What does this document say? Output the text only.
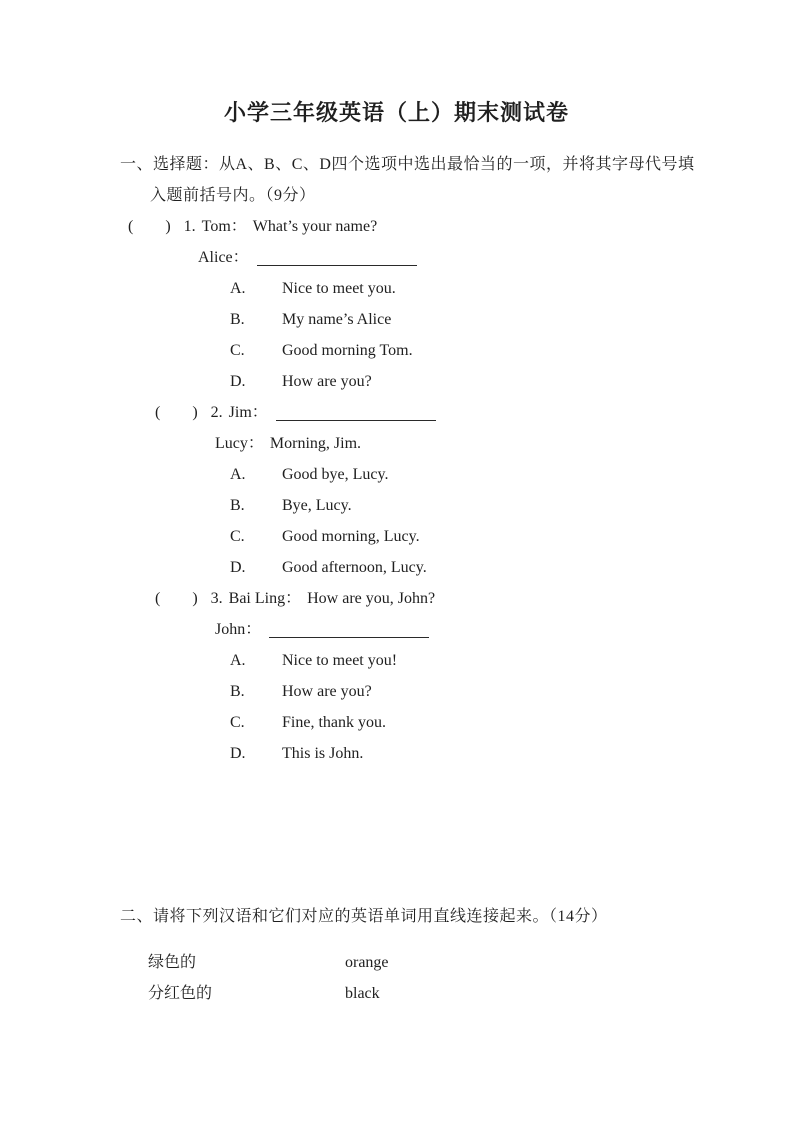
小学三年级英语（上）期末测试卷
一、选择题：从A、B、C、D四个选项中选出最恰当的一项，并将其字母代号填
入题前括号内。（9分）
(        ) 1. Tom： What’s your name?
Alice：
A. Nice to meet you.
B. My name’s Alice
C. Good morning Tom.
D. How are you?
(        ) 2. Jim：
Lucy： Morning, Jim.
A. Good bye, Lucy.
B. Bye, Lucy.
C. Good morning, Lucy.
D. Good afternoon, Lucy.
(        ) 3. Bai Ling： How are you, John?
John：
A. Nice to meet you!
B. How are you?
C. Fine, thank you.
D. This is John.
二、请将下列汉语和它们对应的英语单词用直线连接起来。（14分）
绿色的	orange
分红色的	black
